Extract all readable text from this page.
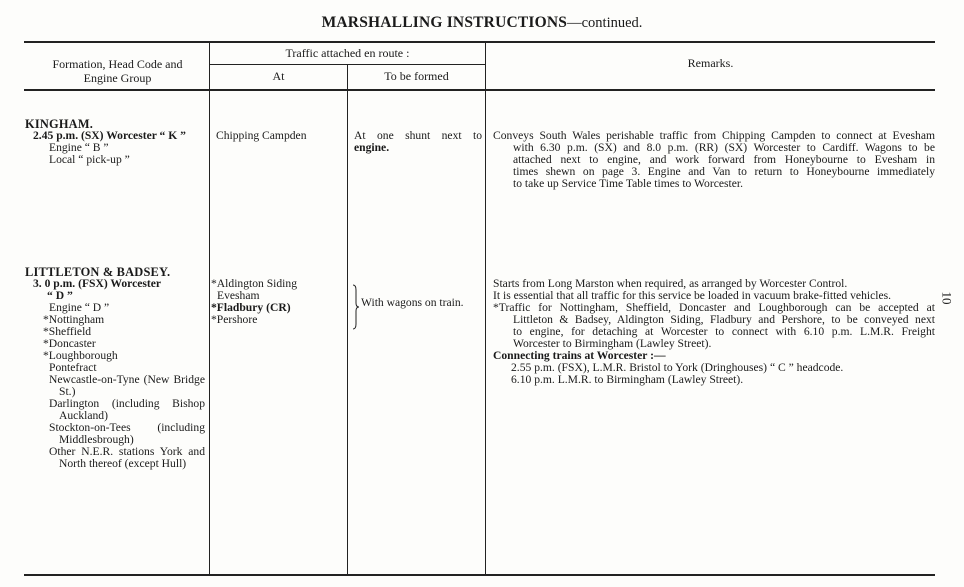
MARSHALLING INSTRUCTIONS—continued.
Formation, Head Code and Engine Group
Traffic attached en route :
At	To be formed
Remarks.
KINGHAM.
2.45 p.m. (SX) Worcester “ K ”
Engine “ B ”
Local “ pick-up ”
Chipping Campden	At one shunt next to
engine.
Conveys South Wales perishable traffic from Chipping Campden to connect at Evesham
with 6.30 p.m. (SX) and 8.0 p.m. (RR) (SX) Worcester to Cardiff. Wagons to be
attached next to engine, and work forward from Honeybourne to Evesham in
times shewn on page 3. Engine and Van to return to Honeybourne immediately
to take up Service Time Table times to Worcester.
LITTLETON & BADSEY.
3. 0 p.m. (FSX) Worcester
“ D ”
Engine “ D ”
*Nottingham
*Sheffield
*Doncaster
*Loughborough
Pontefract
Newcastle-on-Tyne (New Bridge St.)
Darlington (including Bishop Auckland)
Stockton-on-Tees (including Middlesbrough)
Other N.E.R. stations York and North thereof (except Hull)
*Aldington Siding
Evesham
*Fladbury (CR)
*Pershore
With wagons on train.
Starts from Long Marston when required, as arranged by Worcester Control.
It is essential that all traffic for this service be loaded in vacuum brake-fitted vehicles.
*Traffic for Nottingham, Sheffield, Doncaster and Loughborough can be accepted at
Littleton & Badsey, Aldington Siding, Fladbury and Pershore, to be conveyed next
to engine, for detaching at Worcester to connect with 6.10 p.m. L.M.R. Freight
Worcester to Birmingham (Lawley Street).
Connecting trains at Worcester :—
2.55 p.m. (FSX), L.M.R. Bristol to York (Dringhouses) “ C ” headcode.
6.10 p.m. L.M.R. to Birmingham (Lawley Street).
10
